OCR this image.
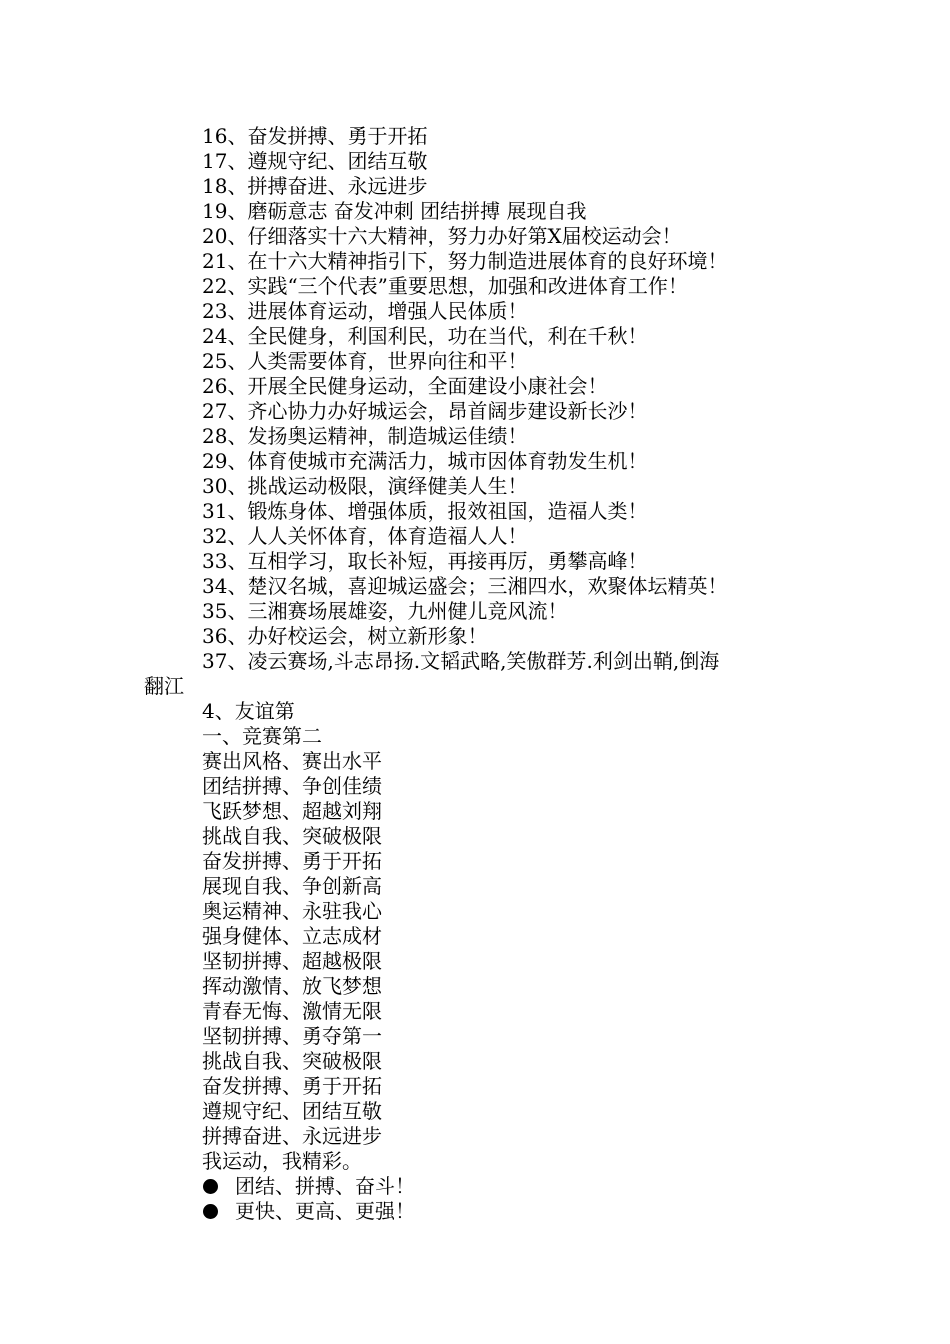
16、奋发拼搏、勇于开拓
17、遵规守纪、团结互敬
18、拼搏奋进、永远进步
19、磨砺意志 奋发冲刺 团结拼搏 展现自我
20、仔细落实十六大精神，努力办好第X届校运动会！
21、在十六大精神指引下，努力制造进展体育的良好环境！
22、实践“三个代表”重要思想，加强和改进体育工作！
23、进展体育运动，增强人民体质！
24、全民健身，利国利民，功在当代，利在千秋！
25、人类需要体育，世界向往和平！
26、开展全民健身运动，全面建设小康社会！
27、齐心协力办好城运会，昂首阔步建设新长沙！
28、发扬奥运精神，制造城运佳绩！
29、体育使城市充满活力，城市因体育勃发生机！
30、挑战运动极限，演绎健美人生！
31、锻炼身体、增强体质，报效祖国，造福人类！
32、人人关怀体育，体育造福人人！
33、互相学习，取长补短，再接再厉，勇攀高峰！
34、楚汉名城，喜迎城运盛会；三湘四水，欢聚体坛精英！
35、三湘赛场展雄姿，九州健儿竞风流！
36、办好校运会，树立新形象！
37、凌云赛场,斗志昂扬.文韬武略,笑傲群芳.利剑出鞘,倒海
翻江
4、友谊第
一、竞赛第二
赛出风格、赛出水平
团结拼搏、争创佳绩
飞跃梦想、超越刘翔
挑战自我、突破极限
奋发拼搏、勇于开拓
展现自我、争创新高
奥运精神、永驻我心
强身健体、立志成材
坚韧拼搏、超越极限
挥动激情、放飞梦想
青春无悔、激情无限
坚韧拼搏、勇夺第一
挑战自我、突破极限
奋发拼搏、勇于开拓
遵规守纪、团结互敬
拼搏奋进、永远进步
我运动，我精彩。
团结、拼搏、奋斗！
更快、更高、更强！
